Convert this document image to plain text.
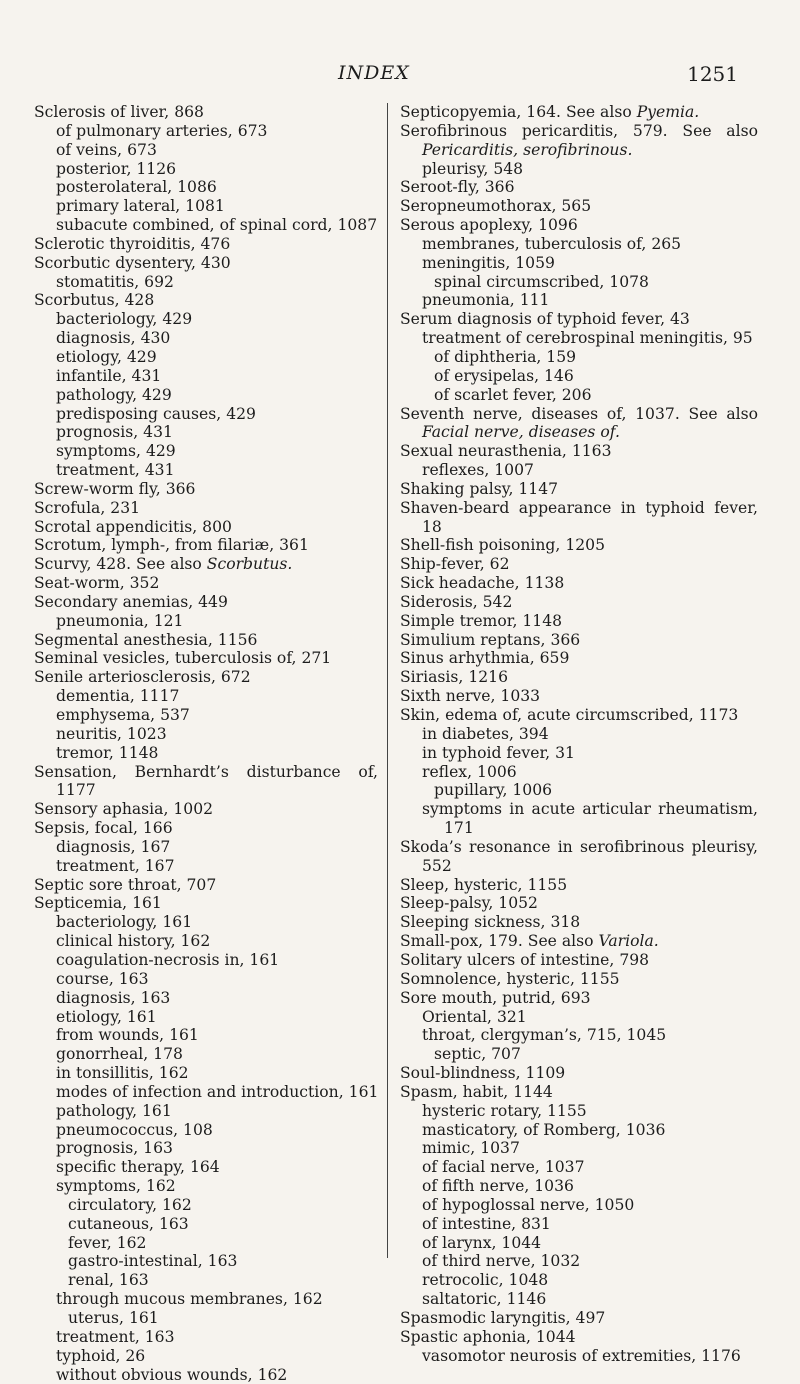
INDEX	1251
Sclerosis of liver, 868
of pulmonary arteries, 673
of veins, 673
posterior, 1126
posterolateral, 1086
primary lateral, 1081
subacute combined, of spinal cord, 1087
Sclerotic thyroiditis, 476
Scorbutic dysentery, 430
stomatitis, 692
Scorbutus, 428
bacteriology, 429
diagnosis, 430
etiology, 429
infantile, 431
pathology, 429
predisposing causes, 429
prognosis, 431
symptoms, 429
treatment, 431
Screw-worm fly, 366
Scrofula, 231
Scrotal appendicitis, 800
Scrotum, lymph-, from filariæ, 361
Scurvy, 428. See also Scorbutus.
Seat-worm, 352
Secondary anemias, 449
pneumonia, 121
Segmental anesthesia, 1156
Seminal vesicles, tuberculosis of, 271
Senile arteriosclerosis, 672
dementia, 1117
emphysema, 537
neuritis, 1023
tremor, 1148
Sensation, Bernhardt’s disturbance of, 1177
Sensory aphasia, 1002
Sepsis, focal, 166
diagnosis, 167
treatment, 167
Septic sore throat, 707
Septicemia, 161
bacteriology, 161
clinical history, 162
coagulation-necrosis in, 161
course, 163
diagnosis, 163
etiology, 161
from wounds, 161
gonorrheal, 178
in tonsillitis, 162
modes of infection and introduction, 161
pathology, 161
pneumococcus, 108
prognosis, 163
specific therapy, 164
symptoms, 162
circulatory, 162
cutaneous, 163
fever, 162
gastro-intestinal, 163
renal, 163
through mucous membranes, 162
uterus, 161
treatment, 163
typhoid, 26
without obvious wounds, 162
Septicopyemia, 164. See also Pyemia.
Serofibrinous pericarditis, 579. See also Pericarditis, serofibrinous.
pleurisy, 548
Seroot-fly, 366
Seropneumothorax, 565
Serous apoplexy, 1096
membranes, tuberculosis of, 265
meningitis, 1059
spinal circumscribed, 1078
pneumonia, 111
Serum diagnosis of typhoid fever, 43
treatment of cerebrospinal meningitis, 95
of diphtheria, 159
of erysipelas, 146
of scarlet fever, 206
Seventh nerve, diseases of, 1037. See also Facial nerve, diseases of.
Sexual neurasthenia, 1163
reflexes, 1007
Shaking palsy, 1147
Shaven-beard appearance in typhoid fever, 18
Shell-fish poisoning, 1205
Ship-fever, 62
Sick headache, 1138
Siderosis, 542
Simple tremor, 1148
Simulium reptans, 366
Sinus arhythmia, 659
Siriasis, 1216
Sixth nerve, 1033
Skin, edema of, acute circumscribed, 1173
in diabetes, 394
in typhoid fever, 31
reflex, 1006
pupillary, 1006
symptoms in acute articular rheumatism, 171
Skoda’s resonance in serofibrinous pleurisy, 552
Sleep, hysteric, 1155
Sleep-palsy, 1052
Sleeping sickness, 318
Small-pox, 179. See also Variola.
Solitary ulcers of intestine, 798
Somnolence, hysteric, 1155
Sore mouth, putrid, 693
Oriental, 321
throat, clergyman’s, 715, 1045
septic, 707
Soul-blindness, 1109
Spasm, habit, 1144
hysteric rotary, 1155
masticatory, of Romberg, 1036
mimic, 1037
of facial nerve, 1037
of fifth nerve, 1036
of hypoglossal nerve, 1050
of intestine, 831
of larynx, 1044
of third nerve, 1032
retrocolic, 1048
saltatoric, 1146
Spasmodic laryngitis, 497
Spastic aphonia, 1044
vasomotor neurosis of extremities, 1176
